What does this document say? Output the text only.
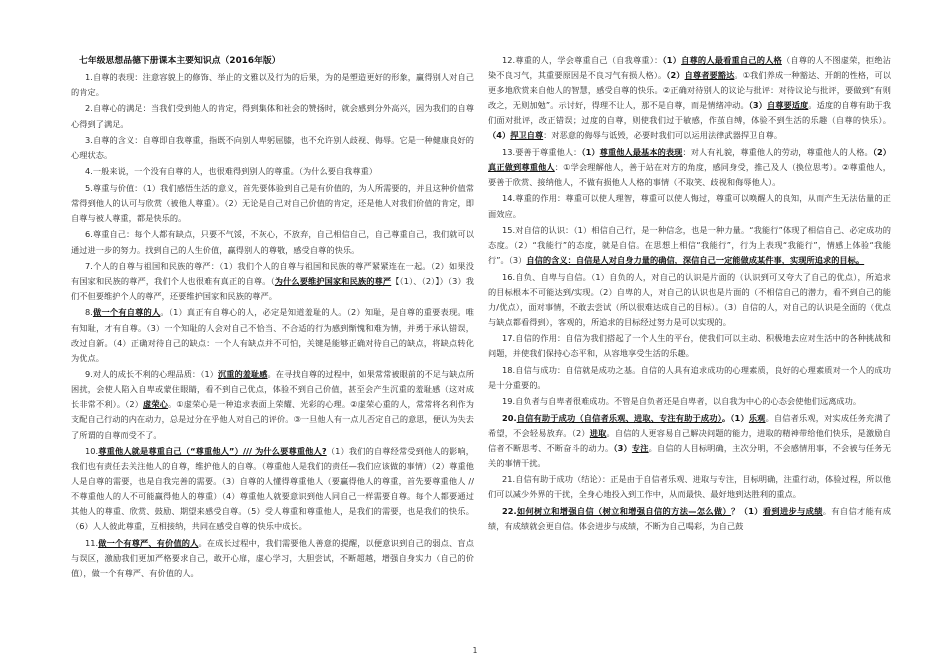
七年级思想品德下册课本主要知识点（2016年版）
1.自尊的表现：注意容貌上的修饰、举止的文雅以及行为的后果，为的是塑造更好的形象，赢得别人对自己的肯定。
2.自尊心的满足：当我们受到他人的肯定，得到集体和社会的赞扬时，就会感到分外高兴，因为我们的自尊心得到了满足。
3.自尊的含义：自尊即自我尊重，指既不向别人卑躬屈膝，也不允许别人歧视、侮辱。它是一种健康良好的心理状态。
4.一般来说，一个没有自尊的人，也很难得到别人的尊重。（为什么要自我尊重）
5.尊重与价值：（1）我们感悟生活的意义，首先要体验到自己是有价值的，为人所需要的，并且这种价值常常得到他人的认可与欣赏（被他人尊重）。（2）无论是自己对自己价值的肯定，还是他人对我们价值的肯定，即自尊与被人尊重，都是快乐的。
6.尊重自己：每个人都有缺点，只要不气馁，不灰心，不放弃，自己相信自己，自己尊重自己，我们就可以通过进一步的努力。找到自己的人生价值，赢得别人的尊敬，感受自尊的快乐。
7.个人的自尊与祖国和民族的尊严：（1）我们个人的自尊与祖国和民族的尊严紧紧连在一起。（2）如果没有国家和民族的尊严，我们个人也很难有真正的自尊。（为什么要维护国家和民族的尊严【（1）、（2）】）（3）我们不但要维护个人的尊严，还要维护国家和民族的尊严。
8.做一个有自尊的人。（1）真正有自尊心的人，必定是知道羞耻的人。（2）知耻，是自尊的重要表现。唯有知耻，才有自尊。（3）一个知耻的人会对自己不恰当、不合适的行为感到惭愧和难为情，并勇于承认错误，改过自新。（4）正确对待自己的缺点：一个人有缺点并不可怕，关键是能够正确对待自己的缺点，将缺点转化为优点。
9.对人的成长不利的心理品质：（1）沉重的羞耻感。在寻找自尊的过程中，如果常常被眼前的不足与缺点所困扰，会使人陷入自卑或蒙住眼睛，看不到自己优点，体验不到自己价值，甚至会产生沉重的羞耻感（这对成长非常不利）。（2）虚荣心。①虚荣心是一种追求表面上荣耀、光彩的心理。②虚荣心重的人，常常将名利作为支配自己行动的内在动力，总是过分在乎他人对自己的评价。③一旦他人有一点儿否定自己的意思，便认为失去了所谓的自尊而受不了。
10.尊重他人就是尊重自己（“尊重他人”）/// 为什么要尊重他人?（1）我们的自尊经常受到他人的影响，我们也有责任去关注他人的自尊，维护他人的自尊。（尊重他人是我们的责任—我们应该做的事情）（2）尊重他人是自尊的需要，也是自我完善的需要。（3）自尊的人懂得尊重他人（要赢得他人的尊重，首先要尊重他人 // 不尊重他人的人不可能赢得他人的尊重）（4）尊重他人就要意识到他人同自己一样需要自尊。每个人都要通过其他人的尊重、欣赏、鼓励、期望来感受自尊。（5）受人尊重和尊重他人，是我们的需要，也是我们的快乐。（6）人人彼此尊重，互相接纳，共同在感受自尊的快乐中成长。
11.做一个有尊严、有价值的人。在成长过程中，我们需要他人善意的提醒，以便意识到自己的弱点、盲点与误区，激励我们更加严格要求自己，敢开心扉，虚心学习，大胆尝试，不断超越，增强自身实力（自己的价值），做一个有尊严、有价值的人。
12.尊重的人，学会尊重自己（自我尊重）：（1）自尊的人最看重自己的人格（自尊的人不图虚荣，拒绝沾染不良习气，其重要原因是不良习气有损人格）。（2）自尊者要豁达。①我们养成一种豁达、开朗的性格，可以更多地欣赏来自他人的智慧，感受自尊的快乐。②正确对待别人的议论与批评：对待议论与批评，要做到“有则改之，无则加勉”。示讨好，得理不让人，那不是自尊，而是情绪冲动。（3）自尊要适度。适度的自尊有助于我们面对批评，改正错误；过度的自尊，则使我们过于敏感，作茧自缚，体验不到生活的乐趣（自尊的快乐）。（4）捍卫自尊：对恶意的侮辱与诋毁，必要时我们可以运用法律武器捍卫自尊。
13.要善于尊重他人：（1）尊重他人最基本的表现：对人有礼貌，尊重他人的劳动，尊重他人的人格。（2）真正做到尊重他人：①学会理解他人，善于站在对方的角度，感同身受，推己及人（换位思考）。②尊重他人，要善于欣赏、接纳他人，不做有损他人人格的事情（不取笑、歧视和侮辱他人）。
14.尊重的作用：尊重可以使人理智，尊重可以使人悔过，尊重可以唤醒人的良知，从而产生无法估量的正面效应。
15.对自信的认识：（1）相信自己行，是一种信念，也是一种力量。“我能行”体现了相信自己、必定成功的态度。（2）“我能行”的态度，就是自信。在思想上相信“我能行”，行为上表现“我能行”，情感上体验“我能行”。（3）自信的含义：自信是人对自身力量的确信，深信自己一定能做成某件事，实现所追求的目标。
16.自负、自卑与自信。（1）自负的人，对自己的认识是片面的（认识到可又夸大了自己的优点），所追求的目标根本不可能达到/实现。（2）自卑的人，对自己的认识也是片面的（不相信自己的潜力，看不到自己的能力/优点），面对事情，不敢去尝试（所以很难达成自己的目标）。（3）自信的人，对自己的认识是全面的（优点与缺点都看得到），客观的，所追求的目标经过努力是可以实现的。
17.自信的作用：自信为我们搭起了一个人生的平台，使我们可以主动、积极地去应对生活中的各种挑战和问题，并使我们保持心态平和，从容地享受生活的乐趣。
18.自信与成功：自信就是成功之基。自信的人具有追求成功的心理素质，良好的心理素质对一个人的成功是十分重要的。
19.自负者与自卑者很难成功。不管是自负者还是自卑者，以自我为中心的心态会使他们远离成功。
20.自信有助于成功（自信者乐观、进取、专注有助于成功）。（1）乐观。自信者乐观，对实成任务充满了希望，不会轻易放弃。（2）进取。自信的人更容易自己解决问题的能力，进取的精神带给他们快乐，是激励自信者不断思考、不断奋斗的动力。（3）专注。自信的人目标明确，主次分明，不会感情用事，不会被与任务无关的事情干扰。
21.自信有助于成功（结论）：正是由于自信者乐观、进取与专注，目标明确，注重行动，体验过程，所以他们可以减少外界的干扰，全身心地投入到工作中，从而最快、最好地到达胜利的重点。
22.如何树立和增强自信（树立和增强自信的方法—怎么做）？（1）看到进步与成绩。有自信才能有成绩，有成绩就会更自信。体会进步与成绩，不断为自己喝彩，为自己鼓
1
